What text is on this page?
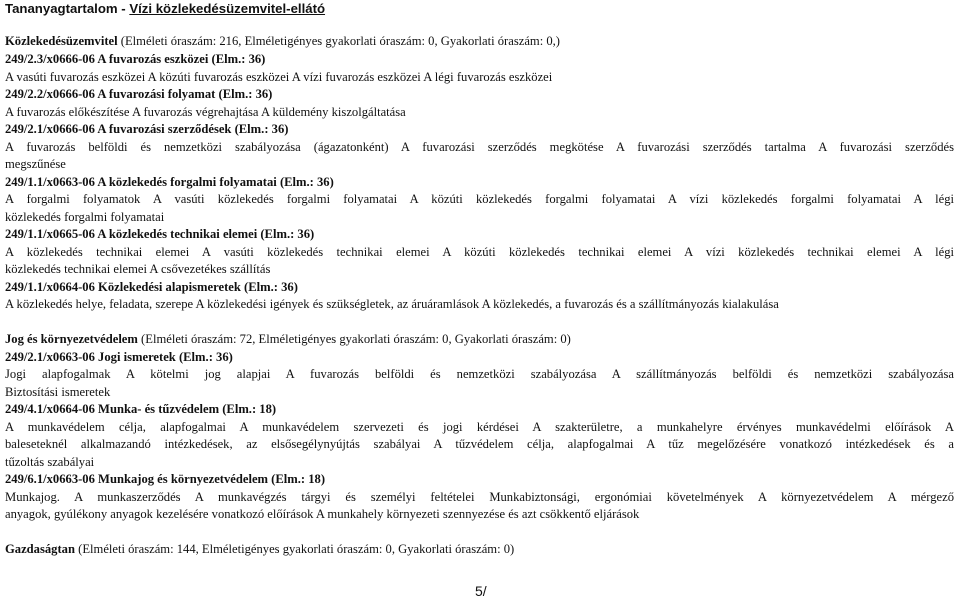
Tananyagtartalom - Vízi közlekedésüzemvitel-ellátó
Közlekedésüzemvitel (Elméleti óraszám: 216, Elméletigényes gyakorlati óraszám: 0, Gyakorlati óraszám: 0,)
249/2.3/x0666-06 A fuvarozás eszközei (Elm.: 36)
A vasúti fuvarozás eszközei A közúti fuvarozás eszközei A vízi fuvarozás eszközei A légi fuvarozás eszközei
249/2.2/x0666-06 A fuvarozási folyamat (Elm.: 36)
A fuvarozás előkészítése A fuvarozás végrehajtása A küldemény kiszolgáltatása
249/2.1/x0666-06 A fuvarozási szerződések (Elm.: 36)
A fuvarozás belföldi és nemzetközi szabályozása (ágazatonként) A fuvarozási szerződés megkötése A fuvarozási szerződés tartalma A fuvarozási szerződés
megszűnése
249/1.1/x0663-06 A közlekedés forgalmi folyamatai (Elm.: 36)
A forgalmi folyamatok A vasúti közlekedés forgalmi folyamatai A közúti közlekedés forgalmi folyamatai A vízi közlekedés forgalmi folyamatai A légi
közlekedés forgalmi folyamatai
249/1.1/x0665-06 A közlekedés technikai elemei (Elm.: 36)
A közlekedés technikai elemei A vasúti közlekedés technikai elemei A közúti közlekedés technikai elemei A vízi közlekedés technikai elemei A légi
közlekedés technikai elemei A csővezetékes szállítás
249/1.1/x0664-06 Közlekedési alapismeretek (Elm.: 36)
A közlekedés helye, feladata, szerepe A közlekedési igények és szükségletek, az áruáramlások A közlekedés, a fuvarozás és a szállítmányozás kialakulása
Jog és környezetvédelem (Elméleti óraszám: 72, Elméletigényes gyakorlati óraszám: 0, Gyakorlati óraszám: 0)
249/2.1/x0663-06 Jogi ismeretek (Elm.: 36)
Jogi alapfogalmak A kötelmi jog alapjai A fuvarozás belföldi és nemzetközi szabályozása A szállítmányozás belföldi és nemzetközi szabályozása
Biztosítási ismeretek
249/4.1/x0664-06 Munka- és tűzvédelem (Elm.: 18)
A munkavédelem célja, alapfogalmai A munkavédelem szervezeti és jogi kérdései A szakterületre, a munkahelyre érvényes munkavédelmi előírások A
baleseteknél alkalmazandó intézkedések, az elsősegélynyújtás szabályai A tűzvédelem célja, alapfogalmai A tűz megelőzésére vonatkozó intézkedések és a
tűzoltás szabályai
249/6.1/x0663-06 Munkajog és környezetvédelem (Elm.: 18)
Munkajog. A munkaszerződés A munkavégzés tárgyi és személyi feltételei Munkabiztonsági, ergonómiai követelmények A környezetvédelem A mérgező
anyagok, gyúlékony anyagok kezelésére vonatkozó előírások A munkahely környezeti szennyezése és azt csökkentő eljárások
Gazdaságtan (Elméleti óraszám: 144, Elméletigényes gyakorlati óraszám: 0, Gyakorlati óraszám: 0)
5/
